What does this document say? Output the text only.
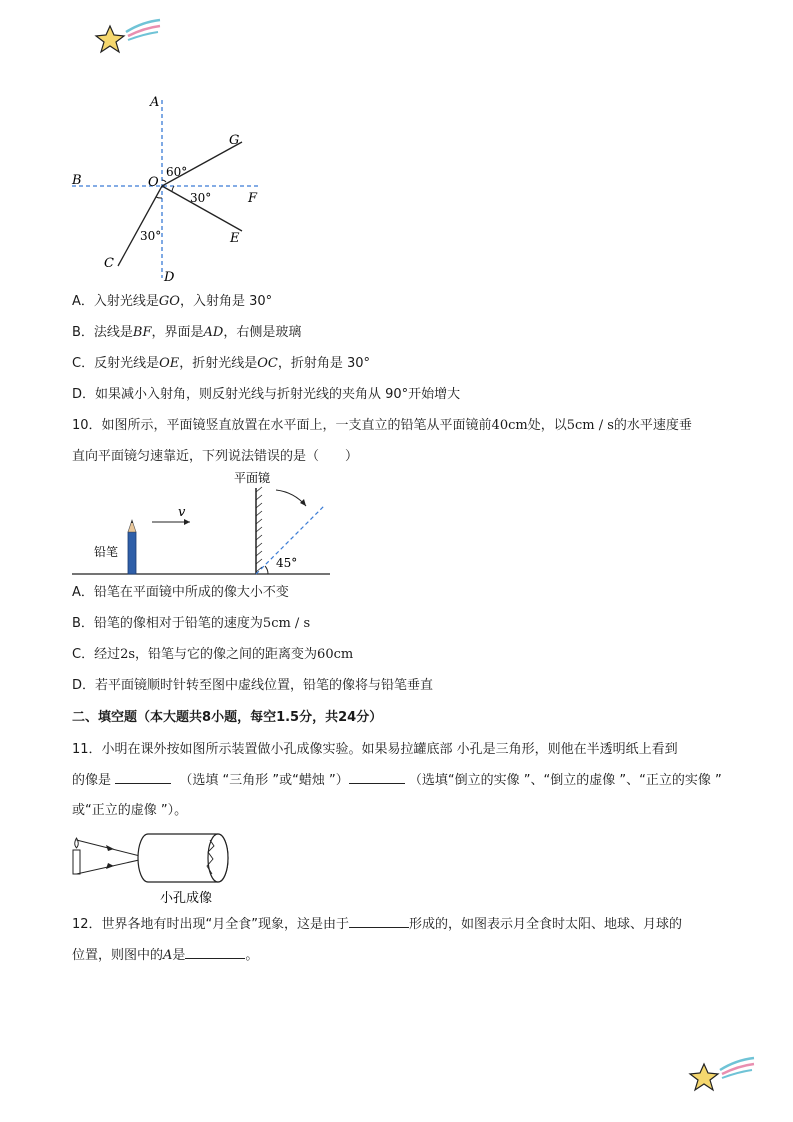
A
B
C
D
E
F
G
O
60°
30°
30°
A．入射光线是GO，入射角是 30°
B．法线是BF，界面是AD，右侧是玻璃
C．反射光线是OE，折射光线是OC，折射角是 30°
D．如果减小入射角，则反射光线与折射光线的夹角从 90°开始增大
10．如图所示，平面镜竖直放置在水平面上，一支直立的铅笔从平面镜前40cm处，以5cm / s的水平速度垂
直向平面镜匀速靠近，下列说法错误的是（　　）
v
铅笔
平面镜
45°
A．铅笔在平面镜中所成的像大小不变
B．铅笔的像相对于铅笔的速度为5cm / s
C．经过2s，铅笔与它的像之间的距离变为60cm
D．若平面镜顺时针转至图中虚线位置，铅笔的像将与铅笔垂直
二、填空题（本大题共8小题，每空1.5分，共24分）
11．小明在课外按如图所示装置做小孔成像实验。如果易拉罐底部 小孔是三角形，则他在半透明纸上看到
的像是	（选填 “三角形 ”或“蜡烛 ”）	（选填“倒立的实像 ”、“倒立的虚像 ”、“正立的实像 ”
或“正立的虚像 ”）。
小孔成像
12．世界各地有时出现“月全食”现象，这是由于	形成的，如图表示月全食时太阳、地球、月球的
位置，则图中的A是	。
